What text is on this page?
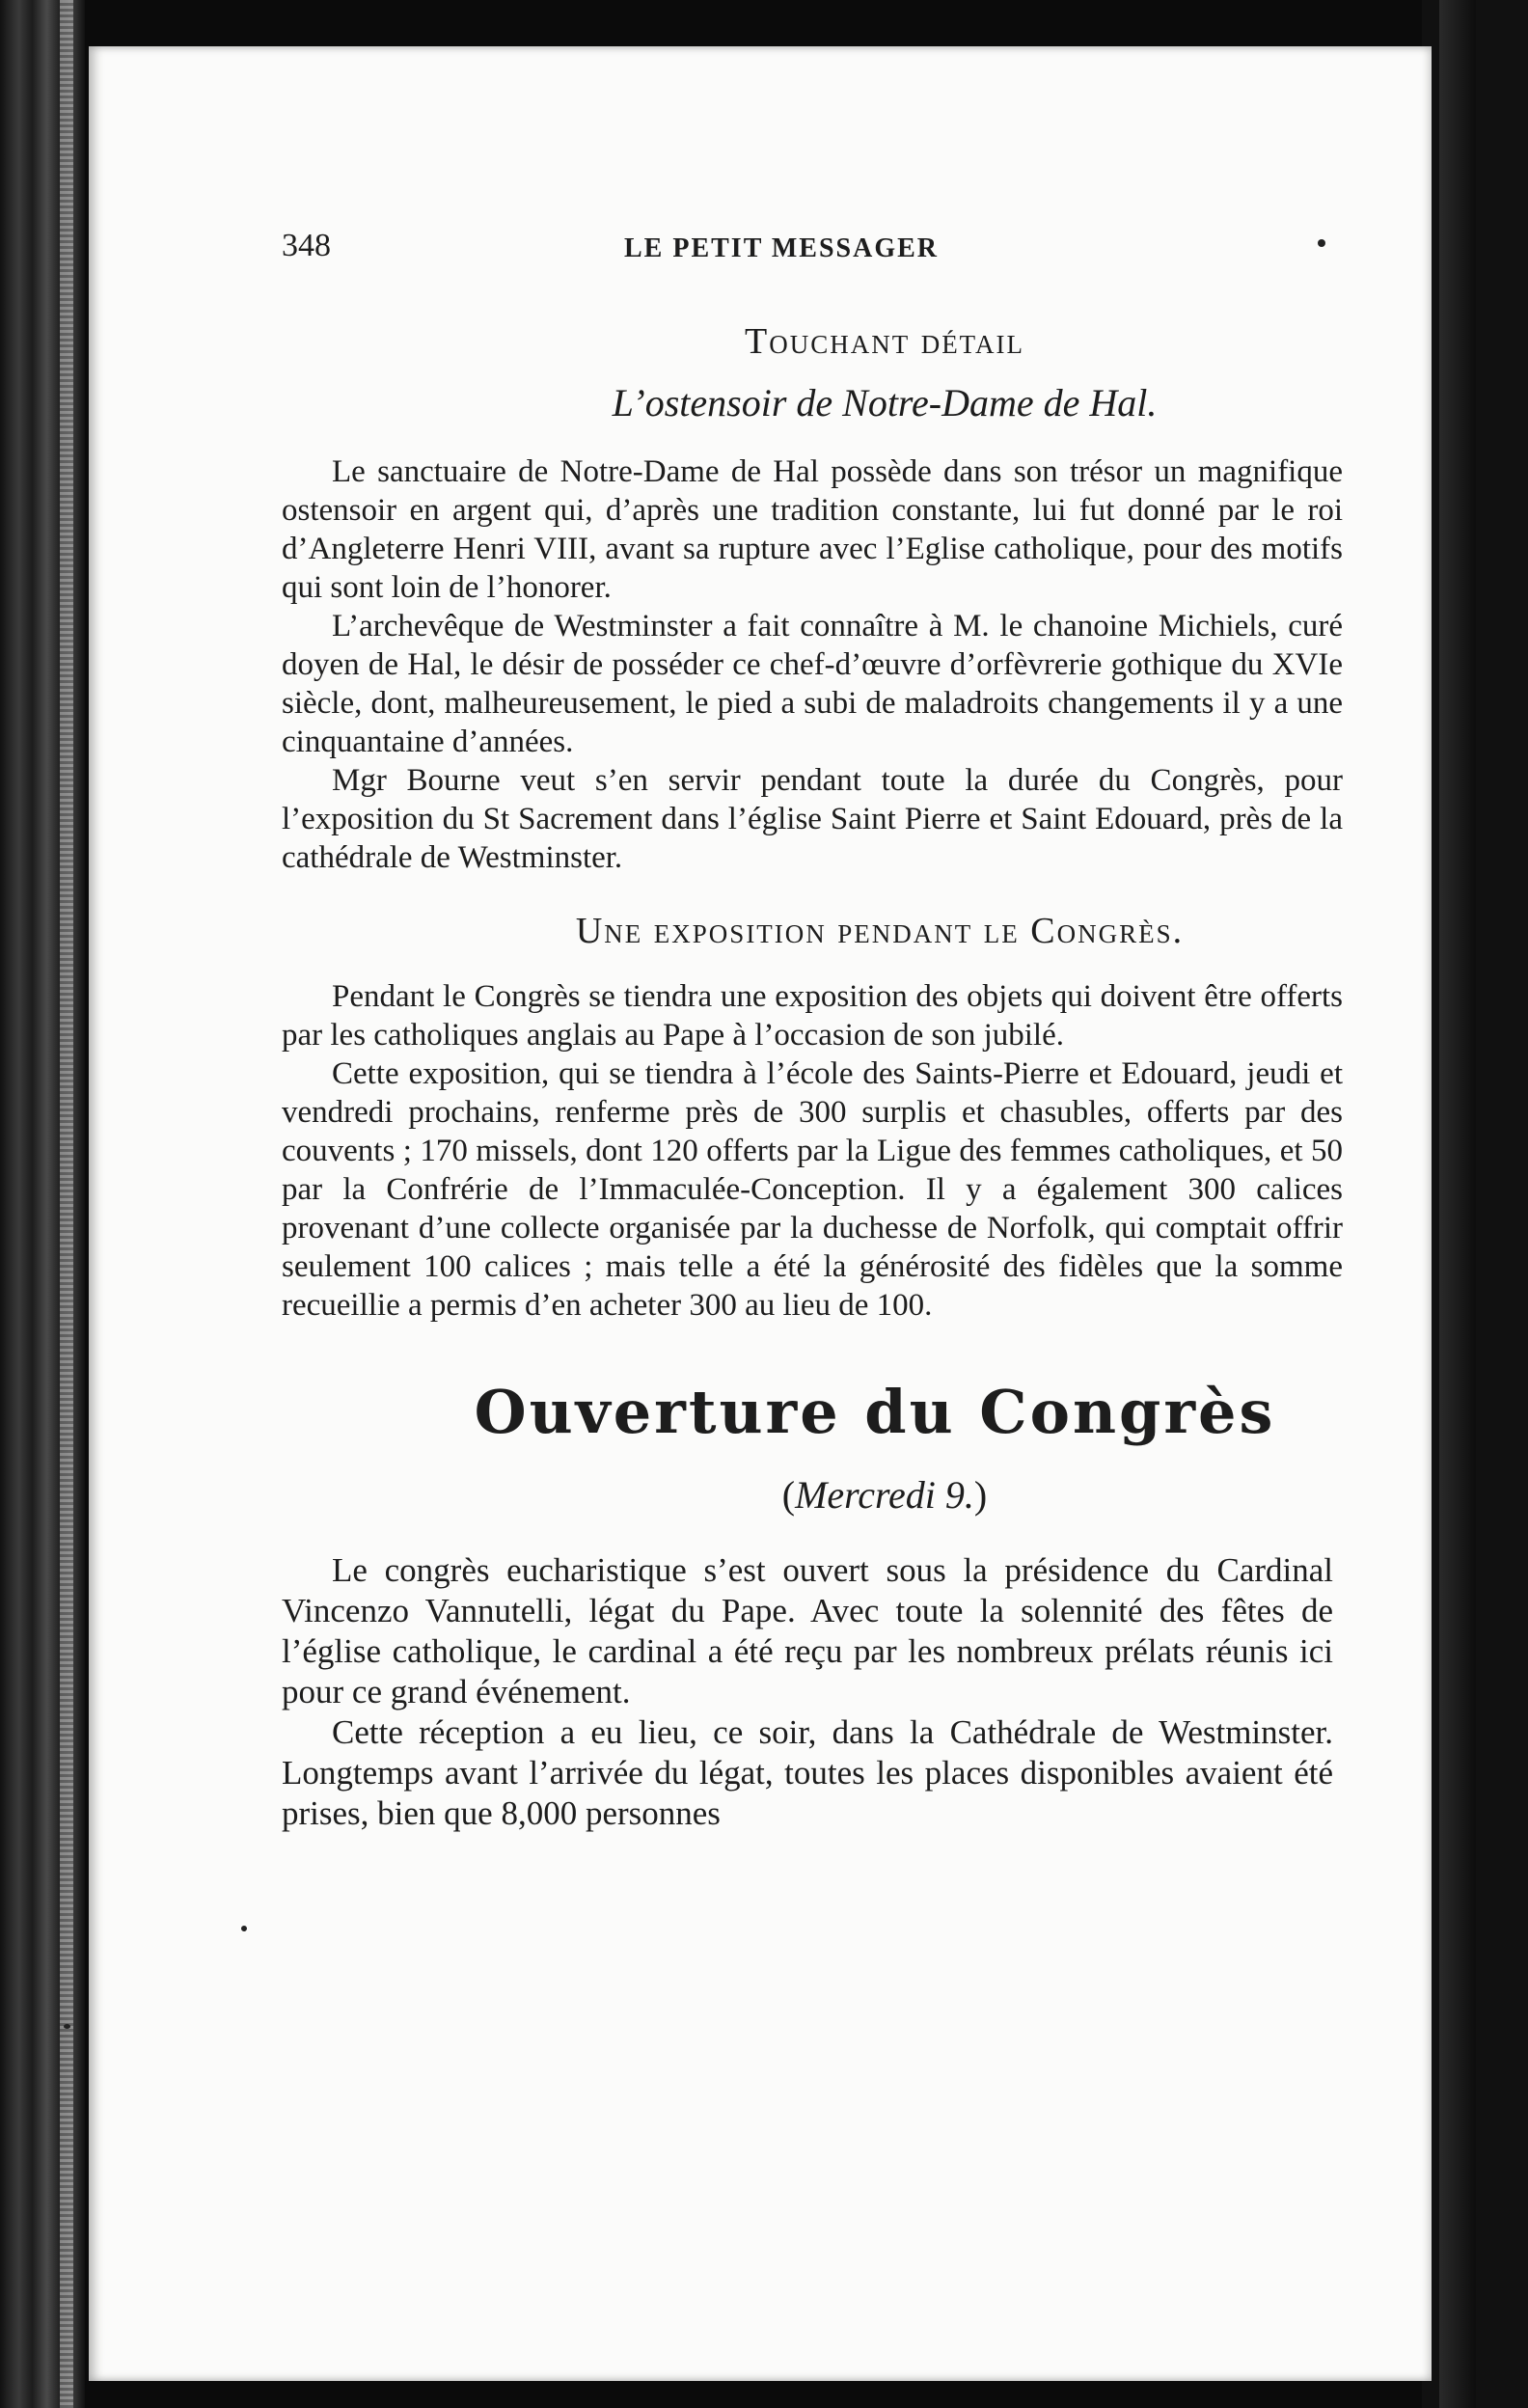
348	LE PETIT MESSAGER
Touchant détail
L’ostensoir de Notre-Dame de Hal.

Le sanctuaire de Notre-Dame de Hal possède dans son trésor un magnifique ostensoir en argent qui, d’après une tradition constante, lui fut donné par le roi d’Angleterre Henri VIII, avant sa rupture avec l’Eglise catholique, pour des motifs qui sont loin de l’honorer.

L’archevêque de Westminster a fait connaître à M. le chanoine Michiels, curé doyen de Hal, le désir de posséder ce chef-d’œuvre d’orfèvrerie gothique du XVIe siècle, dont, malheureusement, le pied a subi de maladroits changements il y a une cinquantaine d’années.

Mgr Bourne veut s’en servir pendant toute la durée du Congrès, pour l’exposition du St Sacrement dans l’église Saint Pierre et Saint Edouard, près de la cathédrale de Westminster.

Une exposition pendant le Congrès.

Pendant le Congrès se tiendra une exposition des objets qui doivent être offerts par les catholiques anglais au Pape à l’occasion de son jubilé.

Cette exposition, qui se tiendra à l’école des Saints-Pierre et Edouard, jeudi et vendredi prochains, renferme près de 300 surplis et chasubles, offerts par des couvents ; 170 missels, dont 120 offerts par la Ligue des femmes catholiques, et 50 par la Confrérie de l’Immaculée-Conception. Il y a également 300 calices provenant d’une collecte organisée par la duchesse de Norfolk, qui comptait offrir seulement 100 calices ; mais telle a été la générosité des fidèles que la somme recueillie a permis d’en acheter 300 au lieu de 100.

Ouverture du Congrès
(Mercredi 9.)

Le congrès eucharistique s’est ouvert sous la présidence du Cardinal Vincenzo Vannutelli, légat du Pape. Avec toute la solennité des fêtes de l’église catholique, le cardinal a été reçu par les nombreux prélats réunis ici pour ce grand événement.

Cette réception a eu lieu, ce soir, dans la Cathédrale de Westminster. Longtemps avant l’arrivée du légat, toutes les places disponibles avaient été prises, bien que 8,000 personnes
